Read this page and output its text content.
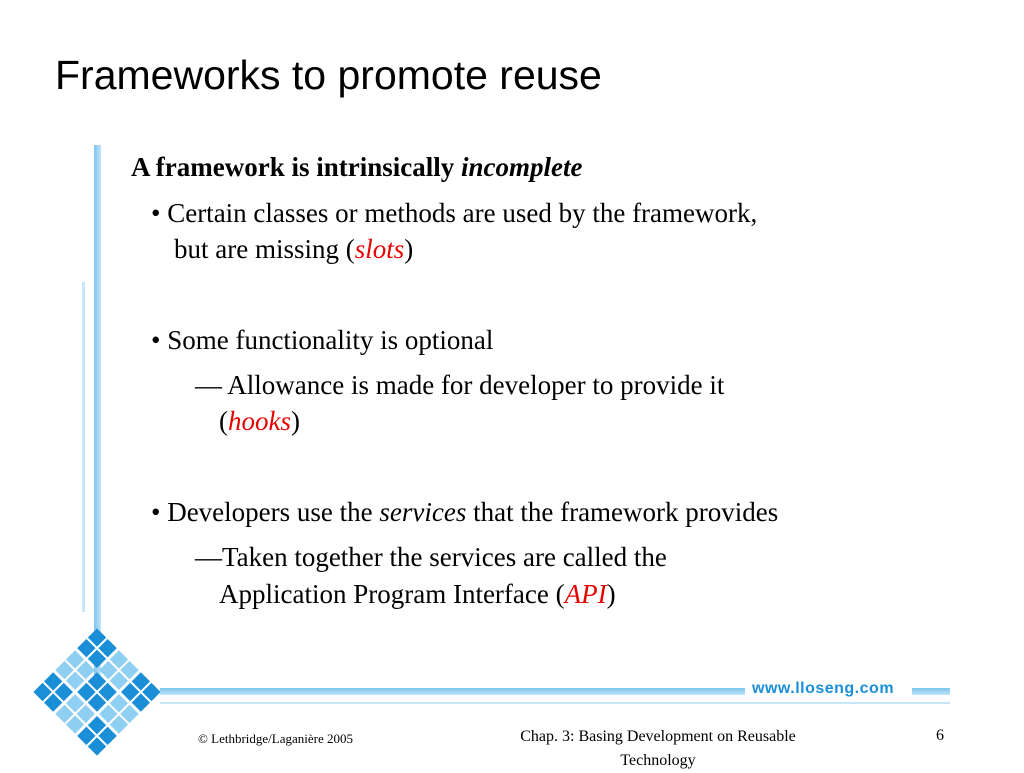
Frameworks to promote reuse
A framework is intrinsically incomplete
• Certain classes or methods are used by the framework,
but are missing (slots)
• Some functionality is optional
— Allowance is made for developer to provide it
(hooks)
• Developers use the services that the framework provides
—Taken together the services are called the
Application Program Interface (API)
www.lloseng.com
© Lethbridge/Laganière 2005	Chap. 3: Basing Development on Reusable
Technology
6
